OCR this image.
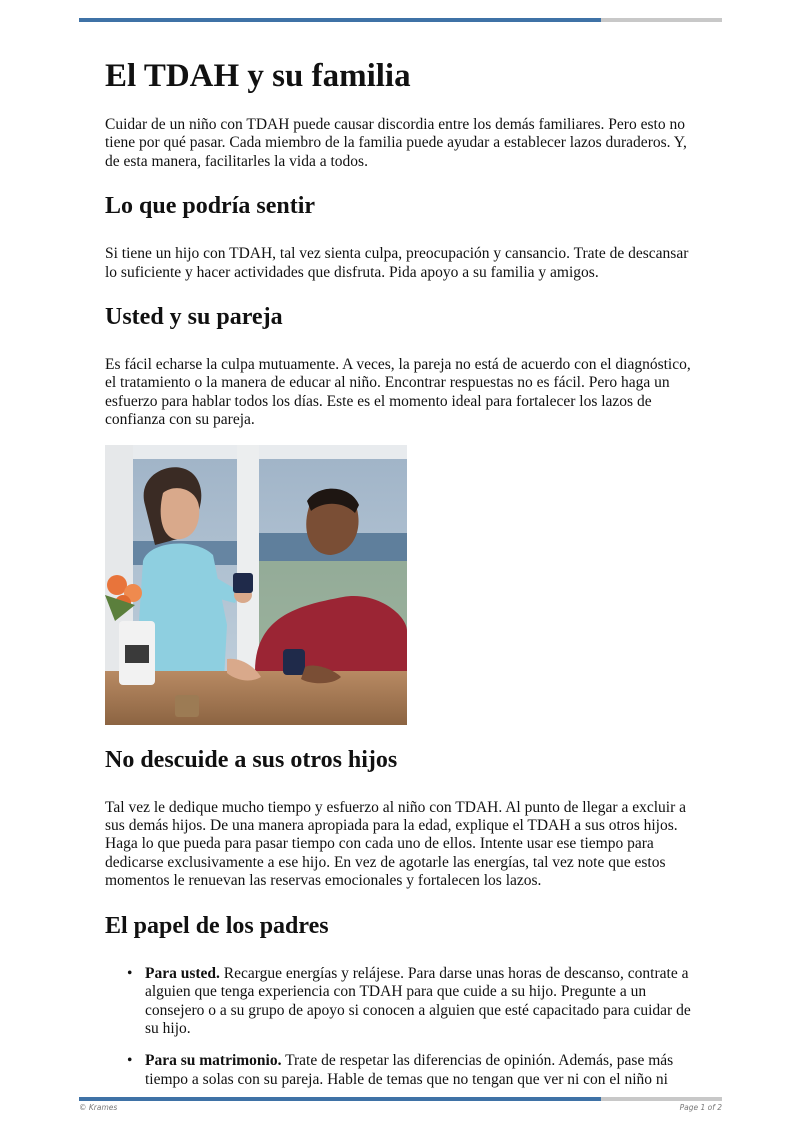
El TDAH y su familia

Cuidar de un niño con TDAH puede causar discordia entre los demás familiares. Pero esto no tiene por qué pasar. Cada miembro de la familia puede ayudar a establecer lazos duraderos. Y, de esta manera, facilitarles la vida a todos.

Lo que podría sentir

Si tiene un hijo con TDAH, tal vez sienta culpa, preocupación y cansancio. Trate de descansar lo suficiente y hacer actividades que disfruta. Pida apoyo a su familia y amigos.

Usted y su pareja

Es fácil echarse la culpa mutuamente. A veces, la pareja no está de acuerdo con el diagnóstico, el tratamiento o la manera de educar al niño. Encontrar respuestas no es fácil. Pero haga un esfuerzo para hablar todos los días. Este es el momento ideal para fortalecer los lazos de confianza con su pareja.

No descuide a sus otros hijos

Tal vez le dedique mucho tiempo y esfuerzo al niño con TDAH. Al punto de llegar a excluir a sus demás hijos. De una manera apropiada para la edad, explique el TDAH a sus otros hijos. Haga lo que pueda para pasar tiempo con cada uno de ellos. Intente usar ese tiempo para dedicarse exclusivamente a ese hijo. En vez de agotarle las energías, tal vez note que estos momentos le renuevan las reservas emocionales y fortalecen los lazos.

El papel de los padres
• Para usted. Recargue energías y relájese. Para darse unas horas de descanso, contrate a alguien que tenga experiencia con TDAH para que cuide a su hijo. Pregunte a un consejero o a su grupo de apoyo si conocen a alguien que esté capacitado para cuidar de su hijo.
• Para su matrimonio. Trate de respetar las diferencias de opinión. Además, pase más tiempo a solas con su pareja. Hable de temas que no tengan que ver ni con el niño ni
© Krames	Page 1 of 2
